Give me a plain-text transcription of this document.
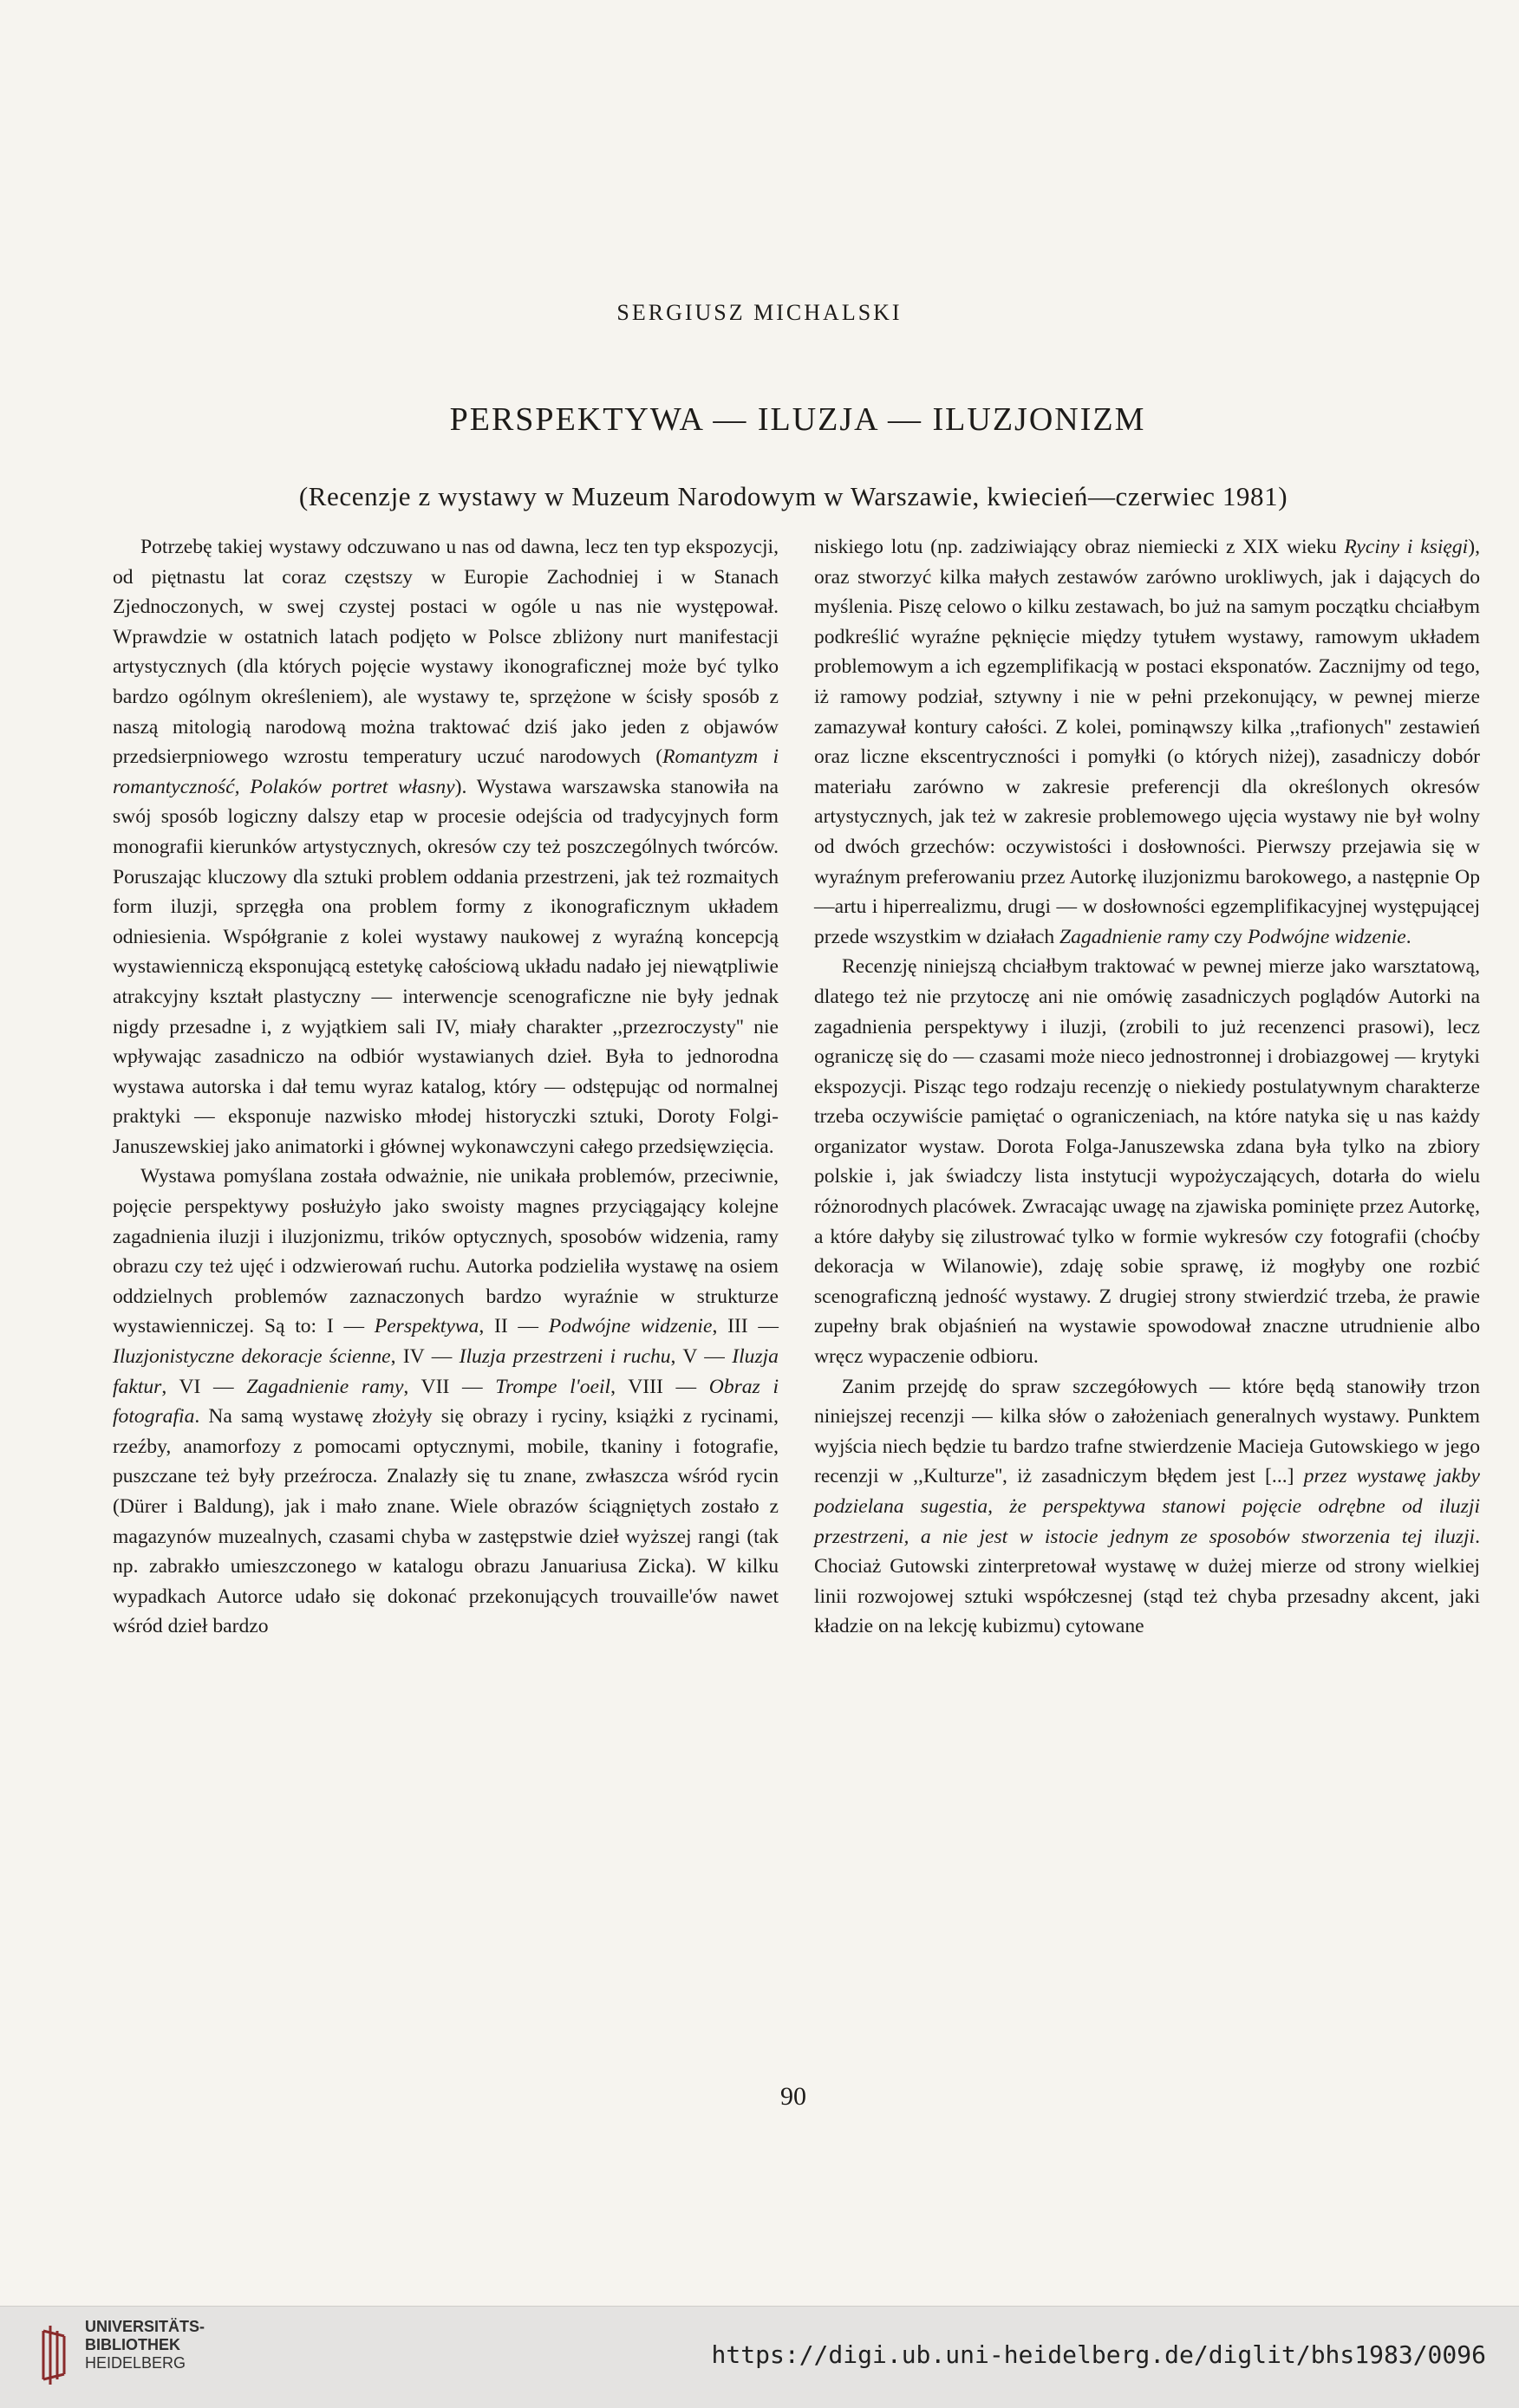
SERGIUSZ MICHALSKI
PERSPEKTYWA — ILUZJA — ILUZJONIZM
(Recenzje z wystawy w Muzeum Narodowym w Warszawie, kwiecień—czerwiec 1981)

Potrzebę takiej wystawy odczuwano u nas od dawna, lecz ten typ ekspozycji, od piętnastu lat coraz częstszy w Europie Zachodniej i w Stanach Zjednoczonych, w swej czystej postaci w ogóle u nas nie występował. Wprawdzie w ostatnich latach podjęto w Polsce zbliżony nurt manifestacji artystycznych (dla których pojęcie wystawy ikonograficznej może być tylko bardzo ogólnym określeniem), ale wystawy te, sprzężone w ścisły sposób z naszą mitologią narodową można traktować dziś jako jeden z objawów przedsierpniowego wzrostu temperatury uczuć narodowych (Romantyzm i romantyczność, Polaków portret własny). Wystawa warszawska stanowiła na swój sposób logiczny dalszy etap w procesie odejścia od tradycyjnych form monografii kierunków artystycznych, okresów czy też poszczególnych twórców. Poruszając kluczowy dla sztuki problem oddania przestrzeni, jak też rozmaitych form iluzji, sprzęgła ona problem formy z ikonograficznym układem odniesienia. Współgranie z kolei wystawy naukowej z wyraźną koncepcją wystawienniczą eksponującą estetykę całościową układu nadało jej niewątpliwie atrakcyjny kształt plastyczny — interwencje scenograficzne nie były jednak nigdy przesadne i, z wyjątkiem sali IV, miały charakter ,,przezroczysty'' nie wpływając zasadniczo na odbiór wystawianych dzieł. Była to jednorodna wystawa autorska i dał temu wyraz katalog, który — odstępując od normalnej praktyki — eksponuje nazwisko młodej historyczki sztuki, Doroty Folgi-Januszewskiej jako animatorki i głównej wykonawczyni całego przedsięwzięcia.

Wystawa pomyślana została odważnie, nie unikała problemów, przeciwnie, pojęcie perspektywy posłużyło jako swoisty magnes przyciągający kolejne zagadnienia iluzji i iluzjonizmu, trików optycznych, sposobów widzenia, ramy obrazu czy też ujęć i odzwierowań ruchu. Autorka podzieliła wystawę na osiem oddzielnych problemów zaznaczonych bardzo wyraźnie w strukturze wystawienniczej. Są to: I — Perspektywa, II — Podwójne widzenie, III — Iluzjonistyczne dekoracje ścienne, IV — Iluzja przestrzeni i ruchu, V — Iluzja faktur, VI — Zagadnienie ramy, VII — Trompe l'oeil, VIII — Obraz i fotografia. Na samą wystawę złożyły się obrazy i ryciny, książki z rycinami, rzeźby, anamorfozy z pomocami optycznymi, mobile, tkaniny i fotografie, puszczane też były przeźrocza. Znalazły się tu znane, zwłaszcza wśród rycin (Dürer i Baldung), jak i mało znane. Wiele obrazów ściągniętych zostało z magazynów muzealnych, czasami chyba w zastępstwie dzieł wyższej rangi (tak np. zabrakło umieszczonego w katalogu obrazu Januariusa Zicka). W kilku wypadkach Autorce udało się dokonać przekonujących trouvaille'ów nawet wśród dzieł bardzo

niskiego lotu (np. zadziwiający obraz niemiecki z XIX wieku Ryciny i księgi), oraz stworzyć kilka małych zestawów zarówno urokliwych, jak i dających do myślenia. Piszę celowo o kilku zestawach, bo już na samym początku chciałbym podkreślić wyraźne pęknięcie między tytułem wystawy, ramowym układem problemowym a ich egzemplifikacją w postaci eksponatów. Zacznijmy od tego, iż ramowy podział, sztywny i nie w pełni przekonujący, w pewnej mierze zamazywał kontury całości. Z kolei, pominąwszy kilka ,,trafionych'' zestawień oraz liczne ekscentryczności i pomyłki (o których niżej), zasadniczy dobór materiału zarówno w zakresie preferencji dla określonych okresów artystycznych, jak też w zakresie problemowego ujęcia wystawy nie był wolny od dwóch grzechów: oczywistości i dosłowności. Pierwszy przejawia się w wyraźnym preferowaniu przez Autorkę iluzjonizmu barokowego, a następnie Op—artu i hiperrealizmu, drugi — w dosłowności egzemplifikacyjnej występującej przede wszystkim w działach Zagadnienie ramy czy Podwójne widzenie.

Recenzję niniejszą chciałbym traktować w pewnej mierze jako warsztatową, dlatego też nie przytoczę ani nie omówię zasadniczych poglądów Autorki na zagadnienia perspektywy i iluzji, (zrobili to już recenzenci prasowi), lecz ograniczę się do — czasami może nieco jednostronnej i drobiazgowej — krytyki ekspozycji. Pisząc tego rodzaju recenzję o niekiedy postulatywnym charakterze trzeba oczywiście pamiętać o ograniczeniach, na które natyka się u nas każdy organizator wystaw. Dorota Folga-Januszewska zdana była tylko na zbiory polskie i, jak świadczy lista instytucji wypożyczających, dotarła do wielu różnorodnych placówek. Zwracając uwagę na zjawiska pominięte przez Autorkę, a które dałyby się zilustrować tylko w formie wykresów czy fotografii (choćby dekoracja w Wilanowie), zdaję sobie sprawę, iż mogłyby one rozbić scenograficzną jedność wystawy. Z drugiej strony stwierdzić trzeba, że prawie zupełny brak objaśnień na wystawie spowodował znaczne utrudnienie albo wręcz wypaczenie odbioru.

Zanim przejdę do spraw szczegółowych — które będą stanowiły trzon niniejszej recenzji — kilka słów o założeniach generalnych wystawy. Punktem wyjścia niech będzie tu bardzo trafne stwierdzenie Macieja Gutowskiego w jego recenzji w ,,Kulturze'', iż zasadniczym błędem jest [...] przez wystawę jakby podzielana sugestia, że perspektywa stanowi pojęcie odrębne od iluzji przestrzeni, a nie jest w istocie jednym ze sposobów stworzenia tej iluzji. Chociaż Gutowski zinterpretował wystawę w dużej mierze od strony wielkiej linii rozwojowej sztuki współczesnej (stąd też chyba przesadny akcent, jaki kładzie on na lekcję kubizmu) cytowane

90
UNIVERSITÄTS-
BIBLIOTHEK
HEIDELBERG	https://digi.ub.uni-heidelberg.de/diglit/bhs1983/0096
